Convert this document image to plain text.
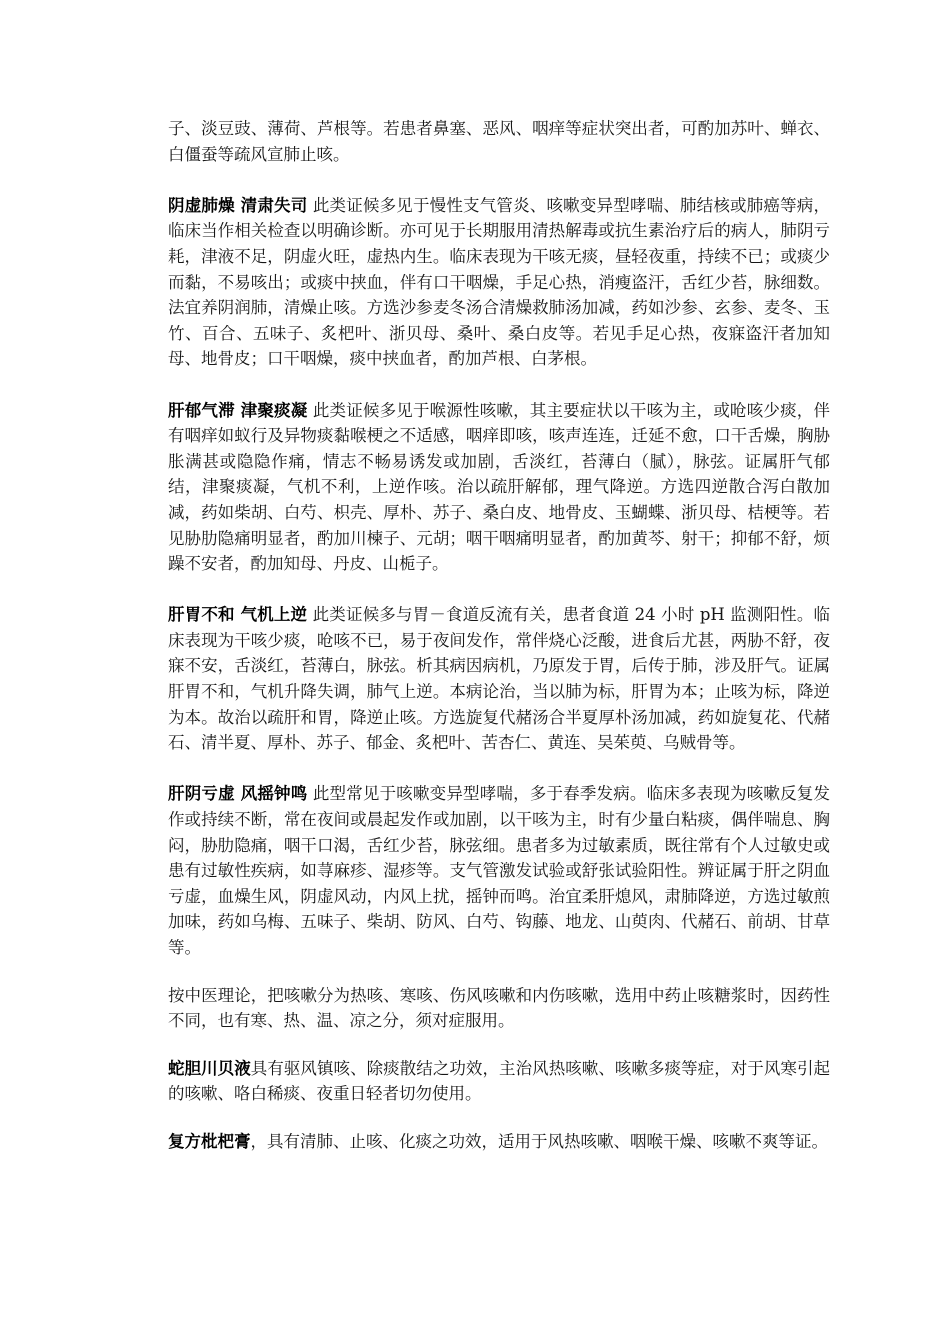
子、淡豆豉、薄荷、芦根等。若患者鼻塞、恶风、咽痒等症状突出者，可酌加苏叶、蝉衣、白僵蚕等疏风宣肺止咳。

阴虚肺燥 清肃失司 此类证候多见于慢性支气管炎、咳嗽变异型哮喘、肺结核或肺癌等病，临床当作相关检查以明确诊断。亦可见于长期服用清热解毒或抗生素治疗后的病人，肺阴亏耗，津液不足，阴虚火旺，虚热内生。临床表现为干咳无痰，昼轻夜重，持续不已；或痰少而黏，不易咳出；或痰中挟血，伴有口干咽燥，手足心热，消瘦盗汗，舌红少苔，脉细数。法宜养阴润肺，清燥止咳。方选沙参麦冬汤合清燥救肺汤加减，药如沙参、玄参、麦冬、玉竹、百合、五味子、炙杷叶、浙贝母、桑叶、桑白皮等。若见手足心热，夜寐盗汗者加知母、地骨皮；口干咽燥，痰中挟血者，酌加芦根、白茅根。

肝郁气滞 津聚痰凝 此类证候多见于喉源性咳嗽，其主要症状以干咳为主，或呛咳少痰，伴有咽痒如蚁行及异物痰黏喉梗之不适感，咽痒即咳，咳声连连，迁延不愈，口干舌燥，胸胁胀满甚或隐隐作痛，情志不畅易诱发或加剧，舌淡红，苔薄白（腻），脉弦。证属肝气郁结，津聚痰凝，气机不利，上逆作咳。治以疏肝解郁，理气降逆。方选四逆散合泻白散加减，药如柴胡、白芍、枳壳、厚朴、苏子、桑白皮、地骨皮、玉蝴蝶、浙贝母、桔梗等。若见胁肋隐痛明显者，酌加川楝子、元胡；咽干咽痛明显者，酌加黄芩、射干；抑郁不舒，烦躁不安者，酌加知母、丹皮、山栀子。

肝胃不和 气机上逆 此类证候多与胃－食道反流有关，患者食道 24 小时 pH 监测阳性。临床表现为干咳少痰，呛咳不已，易于夜间发作，常伴烧心泛酸，进食后尤甚，两胁不舒，夜寐不安，舌淡红，苔薄白，脉弦。析其病因病机，乃原发于胃，后传于肺，涉及肝气。证属肝胃不和，气机升降失调，肺气上逆。本病论治，当以肺为标，肝胃为本；止咳为标，降逆为本。故治以疏肝和胃，降逆止咳。方选旋复代赭汤合半夏厚朴汤加减，药如旋复花、代赭石、清半夏、厚朴、苏子、郁金、炙杷叶、苦杏仁、黄连、吴茱萸、乌贼骨等。

肝阴亏虚 风摇钟鸣 此型常见于咳嗽变异型哮喘，多于春季发病。临床多表现为咳嗽反复发作或持续不断，常在夜间或晨起发作或加剧，以干咳为主，时有少量白粘痰，偶伴喘息、胸闷，胁肋隐痛，咽干口渴，舌红少苔，脉弦细。患者多为过敏素质，既往常有个人过敏史或患有过敏性疾病，如荨麻疹、湿疹等。支气管激发试验或舒张试验阳性。辨证属于肝之阴血亏虚，血燥生风，阴虚风动，内风上扰，摇钟而鸣。治宜柔肝熄风，肃肺降逆，方选过敏煎加味，药如乌梅、五味子、柴胡、防风、白芍、钩藤、地龙、山萸肉、代赭石、前胡、甘草等。

按中医理论，把咳嗽分为热咳、寒咳、伤风咳嗽和内伤咳嗽，选用中药止咳糖浆时，因药性不同，也有寒、热、温、凉之分，须对症服用。

蛇胆川贝液具有驱风镇咳、除痰散结之功效，主治风热咳嗽、咳嗽多痰等症，对于风寒引起的咳嗽、咯白稀痰、夜重日轻者切勿使用。

复方枇杷膏，具有清肺、止咳、化痰之功效，适用于风热咳嗽、咽喉干燥、咳嗽不爽等证。
